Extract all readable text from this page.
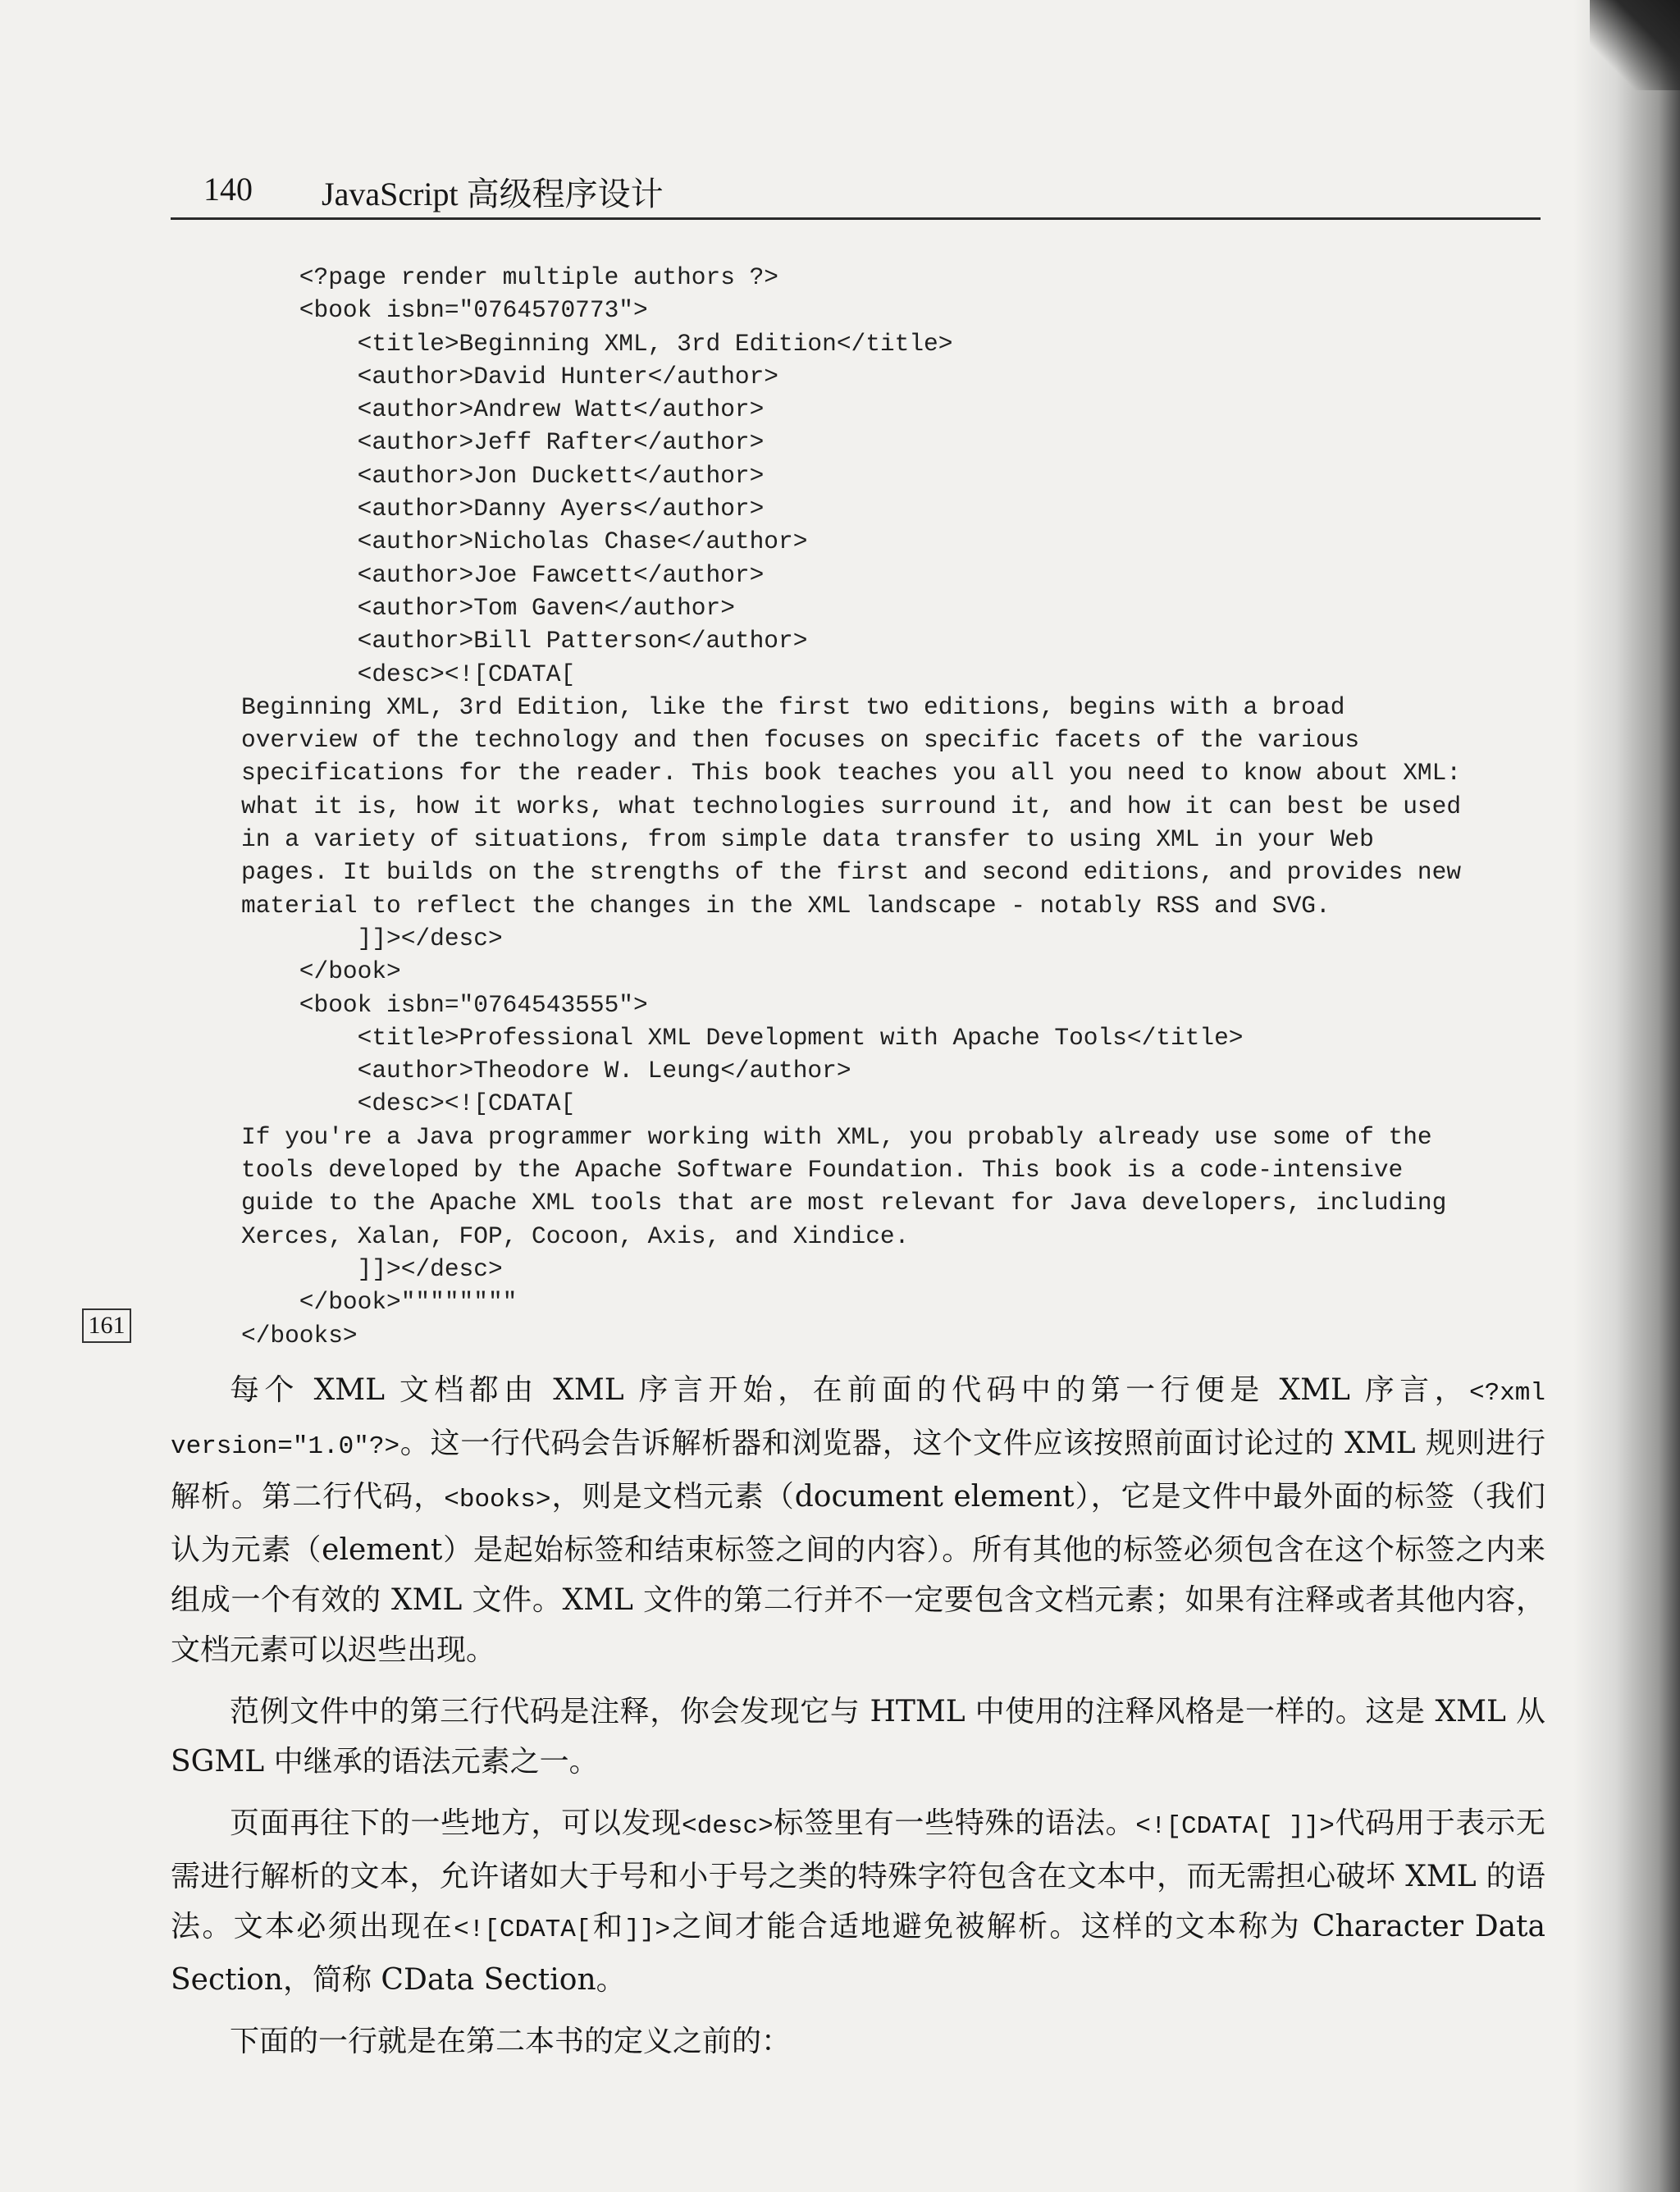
140 JavaScript 高级程序设计
<?page render multiple authors ?>
<book isbn="0764570773">
<title>Beginning XML, 3rd Edition</title>
<author>David Hunter</author>
<author>Andrew Watt</author>
<author>Jeff Rafter</author>
<author>Jon Duckett</author>
<author>Danny Ayers</author>
<author>Nicholas Chase</author>
<author>Joe Fawcett</author>
<author>Tom Gaven</author>
<author>Bill Patterson</author>
<desc><![CDATA[
Beginning XML, 3rd Edition, like the first two editions, begins with a broad
overview of the technology and then focuses on specific facets of the various
specifications for the reader. This book teaches you all you need to know about XML:
what it is, how it works, what technologies surround it, and how it can best be used
in a variety of situations, from simple data transfer to using XML in your Web
pages. It builds on the strengths of the first and second editions, and provides new
material to reflect the changes in the XML landscape - notably RSS and SVG.
]]></desc>
</book>
<book isbn="0764543555">
<title>Professional XML Development with Apache Tools</title>
<author>Theodore W. Leung</author>
<desc><![CDATA[
If you're a Java programmer working with XML, you probably already use some of the
tools developed by the Apache Software Foundation. This book is a code-intensive
guide to the Apache XML tools that are most relevant for Java developers, including
Xerces, Xalan, FOP, Cocoon, Axis, and Xindice.
]]></desc>
</book>""""""""
</books>
161

每个 XML 文档都由 XML 序言开始，在前面的代码中的第一行便是 XML 序言，<?xml version="1.0"?>。这一行代码会告诉解析器和浏览器，这个文件应该按照前面讨论过的 XML 规则进行解析。第二行代码，<books>，则是文档元素（document element），它是文件中最外面的标签（我们认为元素（element）是起始标签和结束标签之间的内容）。所有其他的标签必须包含在这个标签之内来组成一个有效的 XML 文件。XML 文件的第二行并不一定要包含文档元素；如果有注释或者其他内容，文档元素可以迟些出现。

范例文件中的第三行代码是注释，你会发现它与 HTML 中使用的注释风格是一样的。这是 XML 从 SGML 中继承的语法元素之一。

页面再往下的一些地方，可以发现<desc>标签里有一些特殊的语法。<![CDATA[ ]]>代码用于表示无需进行解析的文本，允许诸如大于号和小于号之类的特殊字符包含在文本中，而无需担心破坏 XML 的语法。文本必须出现在<![CDATA[和]]>之间才能合适地避免被解析。这样的文本称为 Character Data Section，简称 CData Section。

下面的一行就是在第二本书的定义之前的：
